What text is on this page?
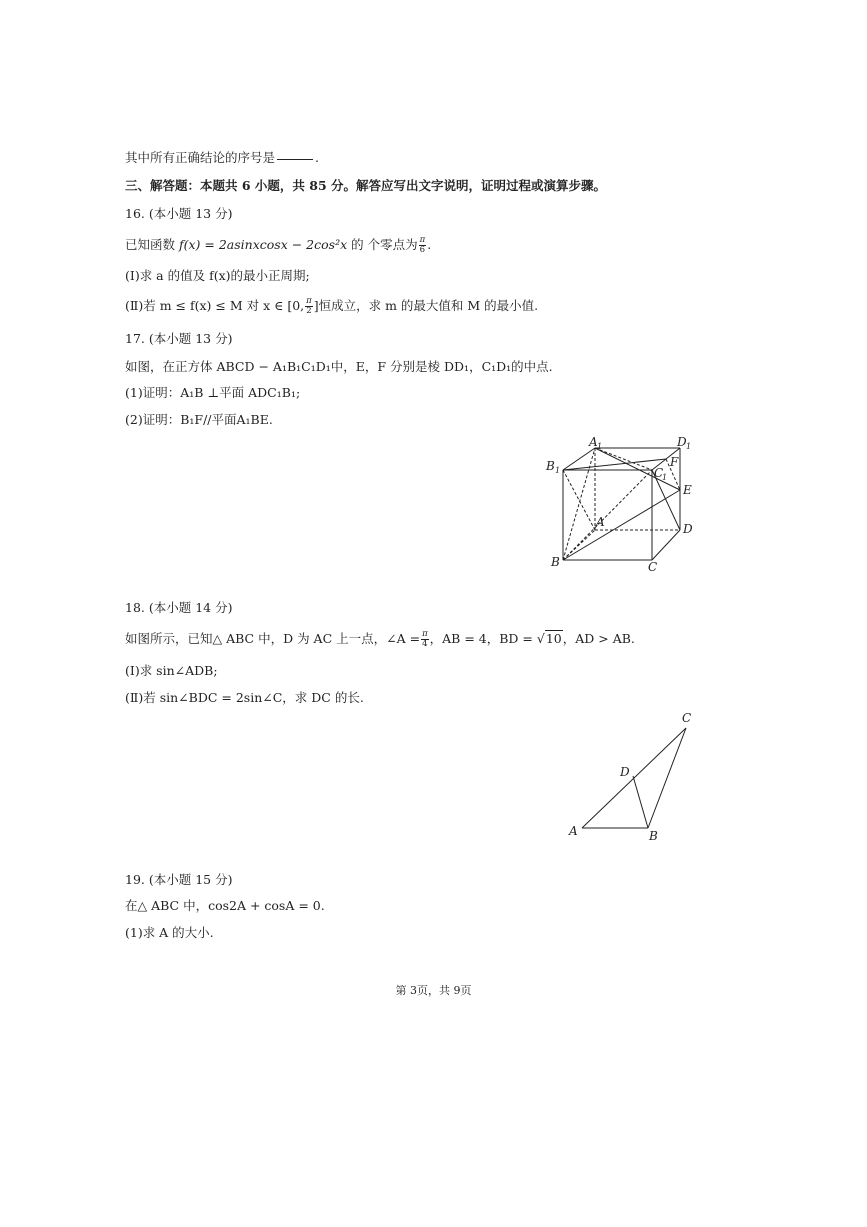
其中所有正确结论的序号是	.
三、解答题：本题共 6 小题，共 85 分。解答应写出文字说明，证明过程或演算步骤。
16. (本小题 13 分)
已知函数 f(x) = 2asinxcosx − 2cos²x 的 个零点为 $\frac{\pi}{6}$ .
(Ⅰ)求 a 的值及 f(x)的最小正周期;
(Ⅱ)若 m ≤ f(x) ≤ M 对 x ∈ [0, $\frac{\pi}{2}$ ]恒成立，求 m 的最大值和 M 的最小值.
17. (本小题 13 分)
如图，在正方体 ABCD − A₁B₁C₁D₁中，E，F 分别是棱 DD₁，C₁D₁的中点.
(1)证明：A₁B ⊥平面 ADC₁B₁;
(2)证明：B₁F//平面A₁BE.
A 1	D 1
B 1	C
1
F
E
A	D
B	C
18. (本小题 14 分)
如图所示，已知△ ABC 中，D 为 AC 上一点，∠A = $\frac{\pi}{4}$ ，AB = 4，BD = √10，AD > AB.
(Ⅰ)求 sin∠ADB;
(Ⅱ)若 sin∠BDC = 2sin∠C，求 DC 的长.
C
D
A	B
19. (本小题 15 分)
在△ ABC 中，cos2A + cosA = 0.
(1)求 A 的大小.
第 3页，共 9页
